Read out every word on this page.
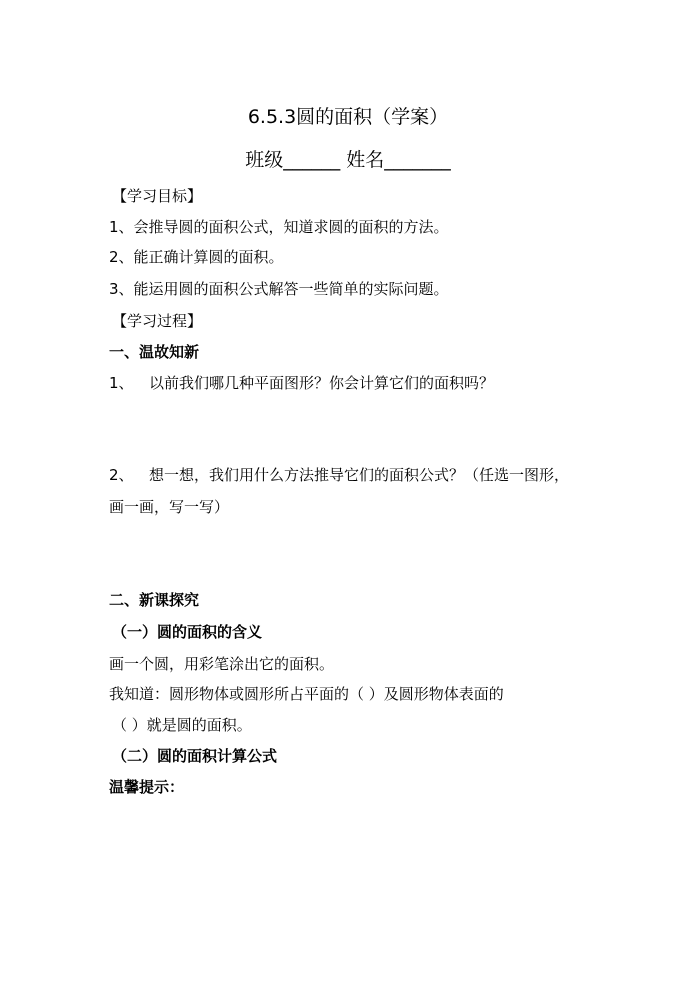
6.5.3圆的面积（学案）
班级______ 姓名_______
【学习目标】
1、会推导圆的面积公式，知道求圆的面积的方法。
2、能正确计算圆的面积。
3、能运用圆的面积公式解答一些简单的实际问题。
【学习过程】
一、温故知新
1、 以前我们哪几种平面图形？你会计算它们的面积吗？
2、 想一想，我们用什么方法推导它们的面积公式？（任选一图形，
画一画，写一写）
二、新课探究
（一）圆的面积的含义
画一个圆，用彩笔涂出它的面积。
我知道：圆形物体或圆形所占平面的（ ）及圆形物体表面的
（ ）就是圆的面积。
（二）圆的面积计算公式
温馨提示：
